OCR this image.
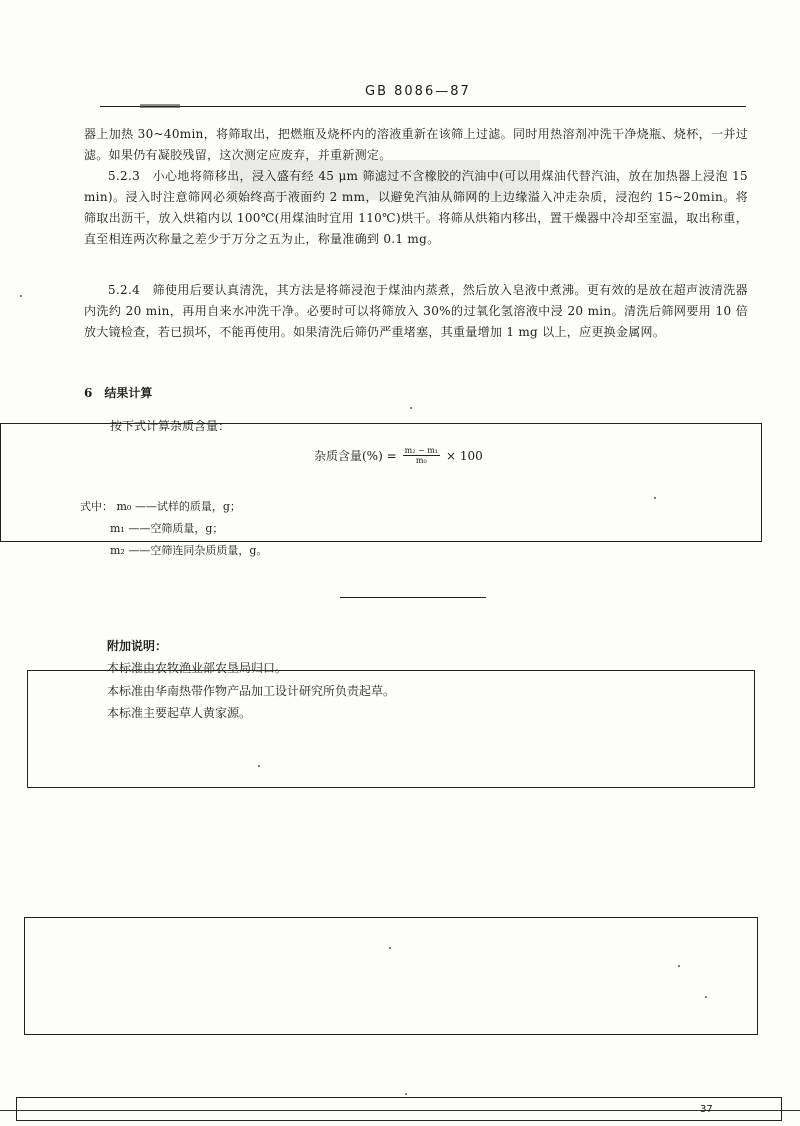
GB 8086—87
器上加热 30~40min，将筛取出，把燃瓶及烧杯内的溶液重新在该筛上过滤。同时用热溶剂冲洗干净烧瓶、烧杯，一并过滤。如果仍有凝胶残留，这次测定应废弃，并重新测定。
5.2.3　小心地将筛移出，浸入盛有经 45 μm 筛滤过不含橡胶的汽油中(可以用煤油代替汽油，放在加热器上浸泡 15 min)。浸入时注意筛网必须始终高于液面约 2 mm，以避免汽油从筛网的上边缘溢入冲走杂质，浸泡约 15~20min。将筛取出沥干，放入烘箱内以 100℃(用煤油时宜用 110℃)烘干。将筛从烘箱内移出，置干燥器中冷却至室温，取出称重，直至相连两次称量之差少于万分之五为止，称量准确到 0.1 mg。
5.2.4　筛使用后要认真清洗，其方法是将筛浸泡于煤油内蒸煮，然后放入皂液中煮沸。更有效的是放在超声波清洗器内洗约 20 min，再用自来水冲洗干净。必要时可以将筛放入 30%的过氧化氢溶液中浸 20 min。清洗后筛网要用 10 倍放大镜检查，若已损坏，不能再使用。如果清洗后筛仍严重堵塞，其重量增加 1 mg 以上，应更换金属网。
6　结果计算
按下式计算杂质含量：
杂质含量(%) = $\frac{\text{m₂ − m₁}}{\text{m₀}} \times 100$
式中： m₀ ——试样的质量，g；
m₁ ——空筛质量，g；
m₂ ——空筛连同杂质质量，g。
附加说明：
本标准由农牧渔业部农垦局归口。
本标准由华南热带作物产品加工设计研究所负责起草。
本标准主要起草人黄家源。
37
